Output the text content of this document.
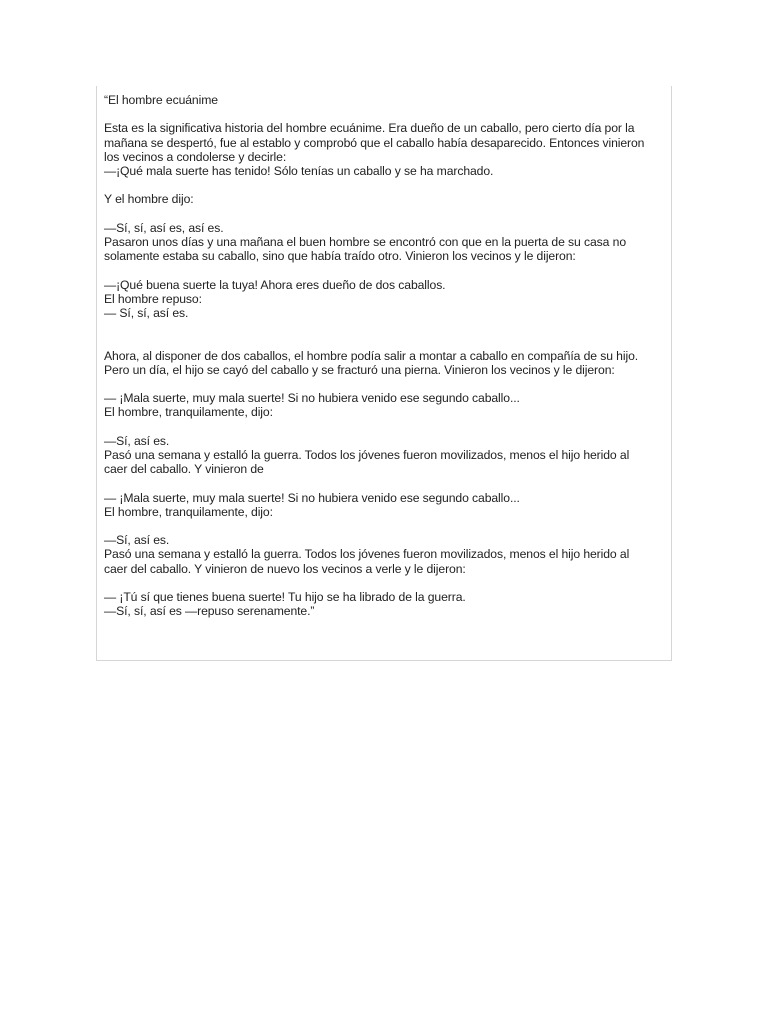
“El hombre ecuánime
Esta es la significativa historia del hombre ecuánime. Era dueño de un caballo, pero cierto día por la
mañana se despertó, fue al establo y comprobó que el caballo había desaparecido. Entonces vinieron
los vecinos a condolerse y decirle:
—¡Qué mala suerte has tenido! Sólo tenías un caballo y se ha marchado.
Y el hombre dijo:
—Sí, sí, así es, así es.
Pasaron unos días y una mañana el buen hombre se encontró con que en la puerta de su casa no
solamente estaba su caballo, sino que había traído otro. Vinieron los vecinos y le dijeron:
—¡Qué buena suerte la tuya! Ahora eres dueño de dos caballos.
El hombre repuso:
— Sí, sí, así es.
Ahora, al disponer de dos caballos, el hombre podía salir a montar a caballo en compañía de su hijo.
Pero un día, el hijo se cayó del caballo y se fracturó una pierna. Vinieron los vecinos y le dijeron:
— ¡Mala suerte, muy mala suerte! Si no hubiera venido ese segundo caballo...
El hombre, tranquilamente, dijo:
—Sí, así es.
Pasó una semana y estalló la guerra. Todos los jóvenes fueron movilizados, menos el hijo herido al
caer del caballo. Y vinieron de
— ¡Mala suerte, muy mala suerte! Si no hubiera venido ese segundo caballo...
El hombre, tranquilamente, dijo:
—Sí, así es.
Pasó una semana y estalló la guerra. Todos los jóvenes fueron movilizados, menos el hijo herido al
caer del caballo. Y vinieron de nuevo los vecinos a verle y le dijeron:
— ¡Tú sí que tienes buena suerte! Tu hijo se ha librado de la guerra.
—Sí, sí, así es —repuso serenamente.”
